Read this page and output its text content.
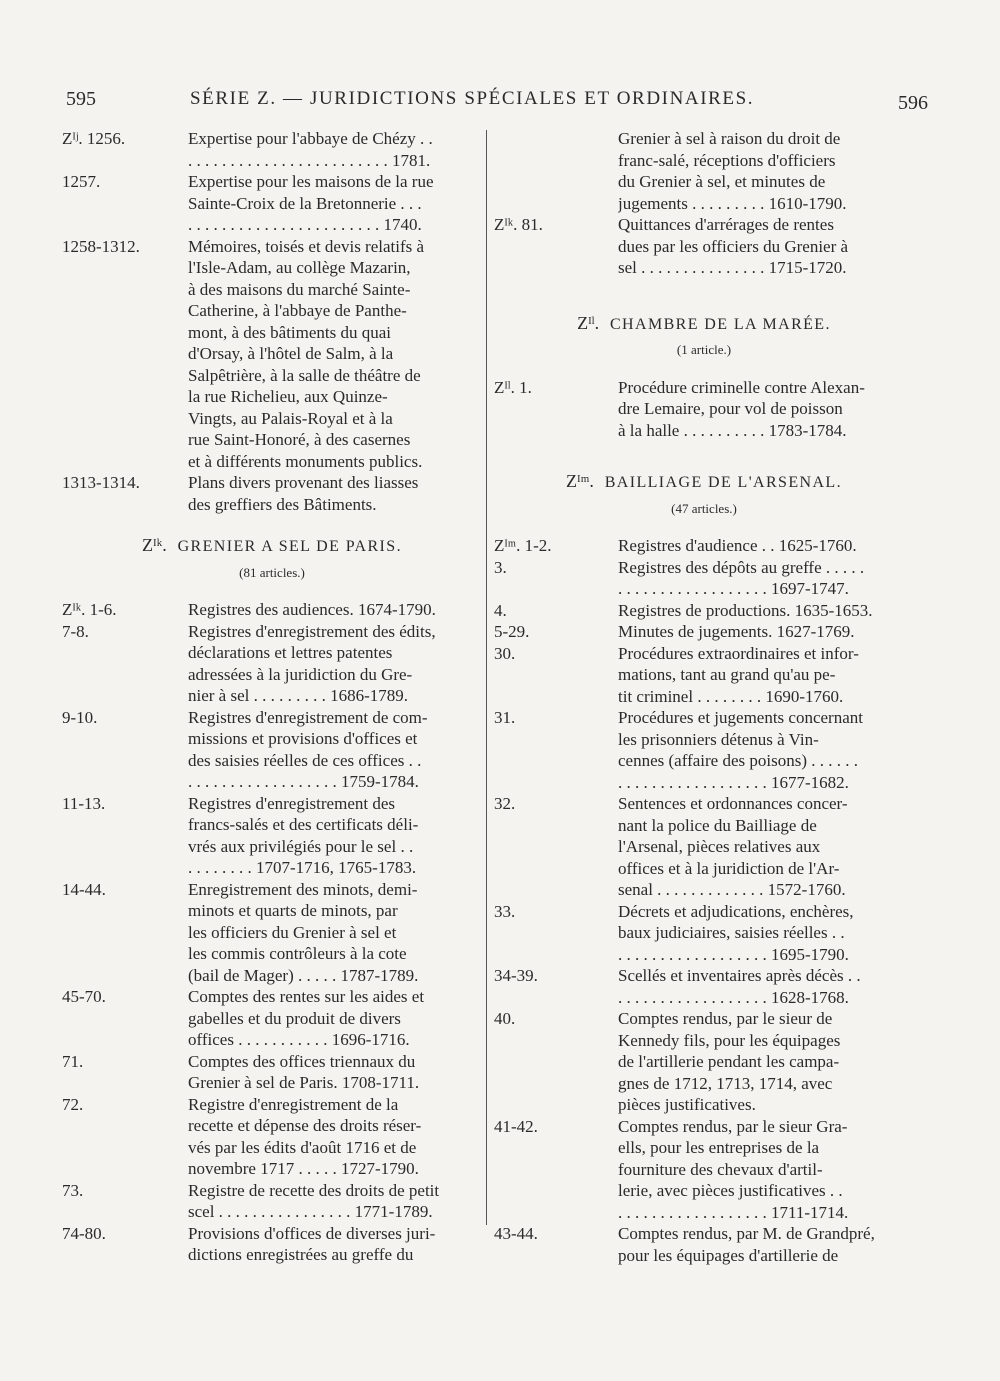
595	SÉRIE Z. — JURIDICTIONS SPÉCIALES ET ORDINAIRES.	596
Zᴵʲ. 1256.	Expertise pour l'abbaye de Chézy . .
. . . . . . . . . . . . . . . . . . . . . . . . 1781.
1257.	Expertise pour les maisons de la rue
Sainte-Croix de la Bretonnerie . . .
. . . . . . . . . . . . . . . . . . . . . . . 1740.
1258-1312.	Mémoires, toisés et devis relatifs à
l'Isle-Adam, au collège Mazarin,
à des maisons du marché Sainte-
Catherine, à l'abbaye de Panthe-
mont, à des bâtiments du quai
d'Orsay, à l'hôtel de Salm, à la
Salpêtrière, à la salle de théâtre de
la rue Richelieu, aux Quinze-
Vingts, au Palais-Royal et à la
rue Saint-Honoré, à des casernes
et à différents monuments publics.
1313-1314.	Plans divers provenant des liasses
des greffiers des Bâtiments.
Zᴵᵏ. GRENIER A SEL DE PARIS.
(81 articles.)
Zᴵᵏ. 1-6.	Registres des audiences. 1674-1790.
7-8.	Registres d'enregistrement des édits,
déclarations et lettres patentes
adressées à la juridiction du Gre-
nier à sel . . . . . . . . . 1686-1789.
9-10.	Registres d'enregistrement de com-
missions et provisions d'offices et
des saisies réelles de ces offices . .
. . . . . . . . . . . . . . . . . . 1759-1784.
11-13.	Registres d'enregistrement des
francs-salés et des certificats déli-
vrés aux privilégiés pour le sel . .
. . . . . . . . 1707-1716, 1765-1783.
14-44.	Enregistrement des minots, demi-
minots et quarts de minots, par
les officiers du Grenier à sel et
les commis contrôleurs à la cote
(bail de Mager) . . . . . 1787-1789.
45-70.	Comptes des rentes sur les aides et
gabelles et du produit de divers
offices . . . . . . . . . . . 1696-1716.
71.	Comptes des offices triennaux du
Grenier à sel de Paris. 1708-1711.
72.	Registre d'enregistrement de la
recette et dépense des droits réser-
vés par les édits d'août 1716 et de
novembre 1717 . . . . . 1727-1790.
73.	Registre de recette des droits de petit
scel . . . . . . . . . . . . . . . . 1771-1789.
74-80.	Provisions d'offices de diverses juri-
dictions enregistrées au greffe du
Grenier à sel à raison du droit de
franc-salé, réceptions d'officiers
du Grenier à sel, et minutes de
jugements . . . . . . . . . 1610-1790.
Zᴵᵏ. 81.	Quittances d'arrérages de rentes
dues par les officiers du Grenier à
sel . . . . . . . . . . . . . . . 1715-1720.
Zᴵˡ. CHAMBRE DE LA MARÉE.
(1 article.)
Zᴵˡ. 1.	Procédure criminelle contre Alexan-
dre Lemaire, pour vol de poisson
à la halle . . . . . . . . . . 1783-1784.
Zᴵᵐ. BAILLIAGE DE L'ARSENAL.
(47 articles.)
Zᴵᵐ. 1-2.	Registres d'audience . . 1625-1760.
3.	Registres des dépôts au greffe . . . . .
. . . . . . . . . . . . . . . . . . 1697-1747.
4.	Registres de productions. 1635-1653.
5-29.	Minutes de jugements. 1627-1769.
30.	Procédures extraordinaires et infor-
mations, tant au grand qu'au pe-
tit criminel . . . . . . . . 1690-1760.
31.	Procédures et jugements concernant
les prisonniers détenus à Vin-
cennes (affaire des poisons) . . . . . .
. . . . . . . . . . . . . . . . . . 1677-1682.
32.	Sentences et ordonnances concer-
nant la police du Bailliage de
l'Arsenal, pièces relatives aux
offices et à la juridiction de l'Ar-
senal . . . . . . . . . . . . . 1572-1760.
33.	Décrets et adjudications, enchères,
baux judiciaires, saisies réelles . .
. . . . . . . . . . . . . . . . . . 1695-1790.
34-39.	Scellés et inventaires après décès . .
. . . . . . . . . . . . . . . . . . 1628-1768.
40.	Comptes rendus, par le sieur de
Kennedy fils, pour les équipages
de l'artillerie pendant les campa-
gnes de 1712, 1713, 1714, avec
pièces justificatives.
41-42.	Comptes rendus, par le sieur Gra-
ells, pour les entreprises de la
fourniture des chevaux d'artil-
lerie, avec pièces justificatives . .
. . . . . . . . . . . . . . . . . . 1711-1714.
43-44.	Comptes rendus, par M. de Grandpré,
pour les équipages d'artillerie de
